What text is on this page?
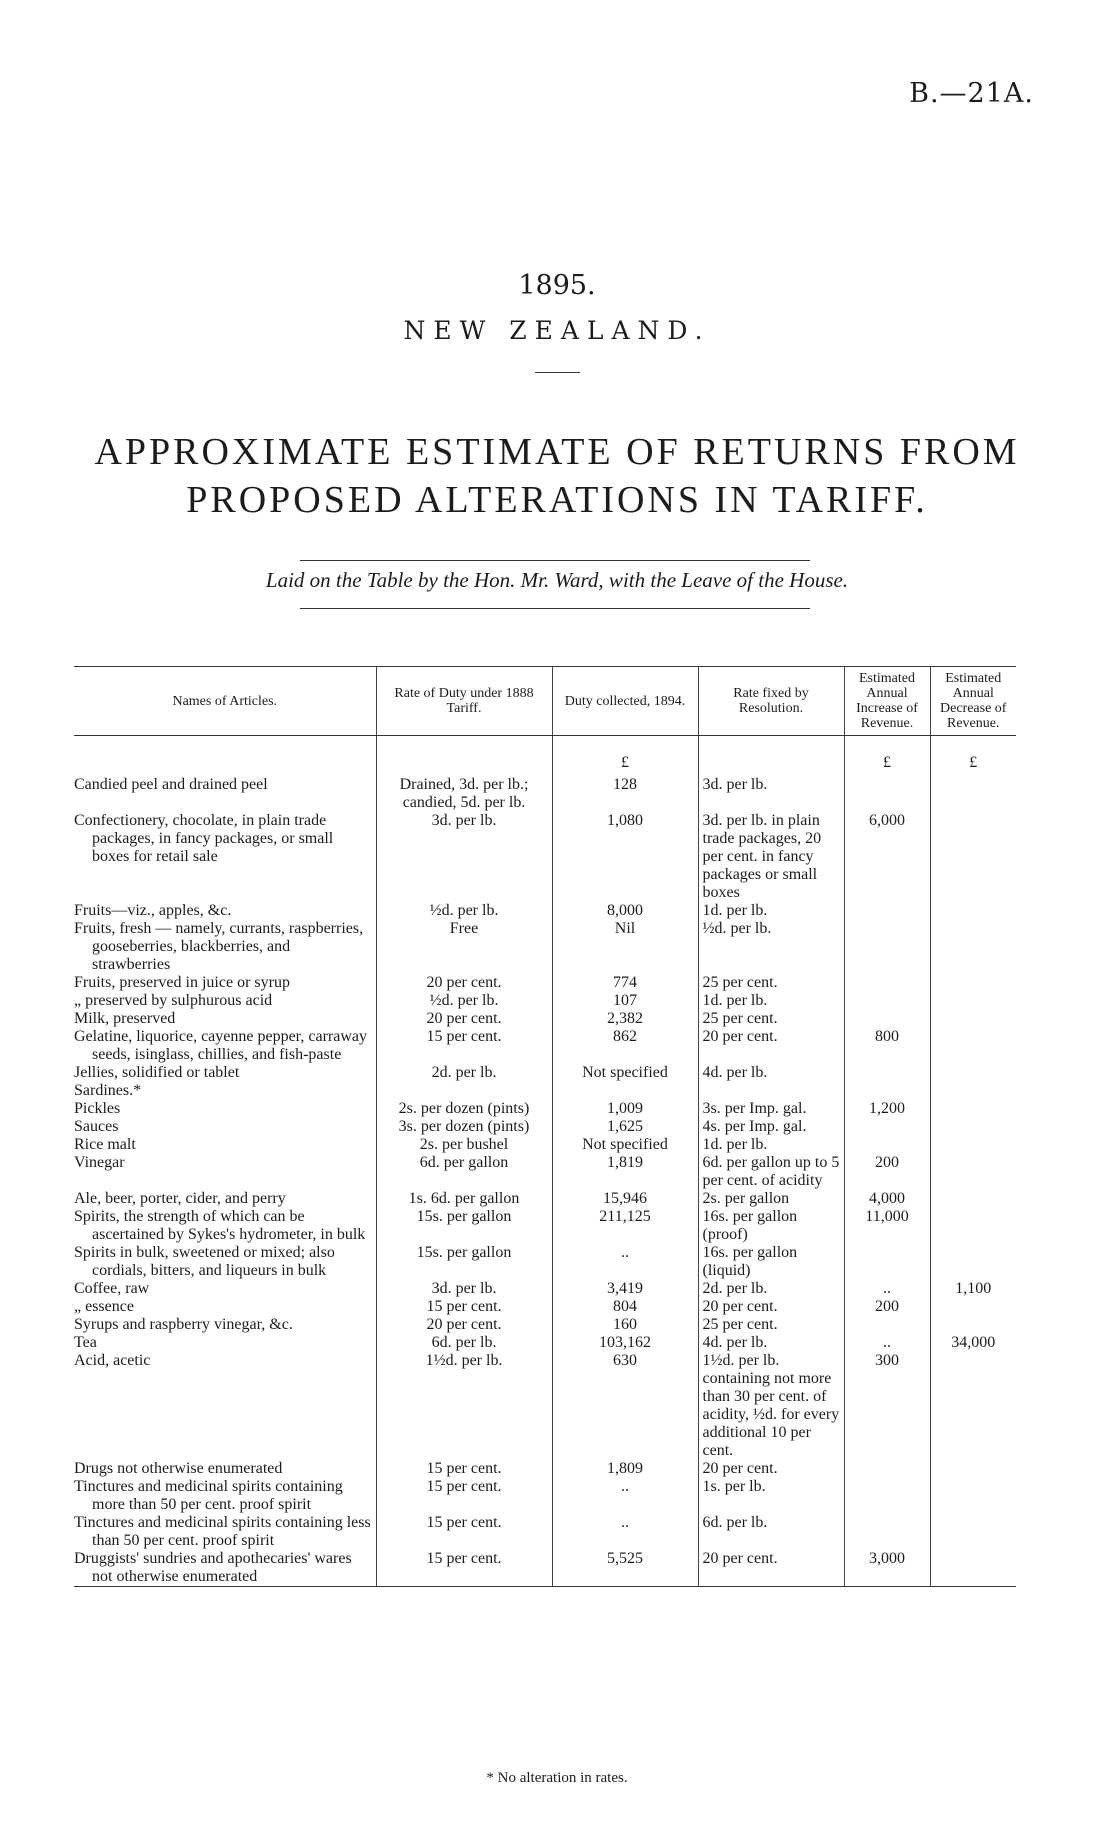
B.—21A.
1895.
NEW ZEALAND.
APPROXIMATE ESTIMATE OF RETURNS FROM PROPOSED ALTERATIONS IN TARIFF.
Laid on the Table by the Hon. Mr. Ward, with the Leave of the House.
Names of Articles.	Rate of Duty under 1888 Tariff.	Duty collected, 1894.	Rate fixed by Resolution.	Estimated Annual Increase of Revenue.	Estimated Annual Decrease of Revenue.
		£		£	£
Candied peel and drained peel	Drained, 3d. per lb.; candied, 5d. per lb.	128	3d. per lb.		
Confectionery, chocolate, in plain trade packages, in fancy packages, or small boxes for retail sale	3d. per lb.	1,080	3d. per lb. in plain trade packages, 20 per cent. in fancy packages or small boxes	6,000	
Fruits—viz., apples, &c.	½d. per lb.	8,000	1d. per lb.		
Fruits, fresh — namely, currants, raspberries, gooseberries, blackberries, and strawberries	Free	Nil	½d. per lb.		
Fruits, preserved in juice or syrup	20 per cent.	774	25 per cent.		
„ preserved by sulphurous acid	½d. per lb.	107	1d. per lb.		
Milk, preserved	20 per cent.	2,382	25 per cent.		
Gelatine, liquorice, cayenne pepper, carraway seeds, isinglass, chillies, and fish-paste	15 per cent.	862	20 per cent.	800	
Jellies, solidified or tablet	2d. per lb.	Not specified	4d. per lb.		
Sardines.*					
Pickles	2s. per dozen (pints)	1,009	3s. per Imp. gal.	1,200	
Sauces	3s. per dozen (pints)	1,625	4s. per Imp. gal.		
Rice malt	2s. per bushel	Not specified	1d. per lb.		
Vinegar	6d. per gallon	1,819	6d. per gallon up to 5 per cent. of acidity	200	
Ale, beer, porter, cider, and perry	1s. 6d. per gallon	15,946	2s. per gallon	4,000	
Spirits, the strength of which can be ascertained by Sykes's hydrometer, in bulk	15s. per gallon	211,125	16s. per gallon (proof)	11,000	
Spirits in bulk, sweetened or mixed; also cordials, bitters, and liqueurs in bulk	15s. per gallon	..	16s. per gallon (liquid)		
Coffee, raw	3d. per lb.	3,419	2d. per lb.	..	1,100
„ essence	15 per cent.	804	20 per cent.	200	
Syrups and raspberry vinegar, &c.	20 per cent.	160	25 per cent.		
Tea	6d. per lb.	103,162	4d. per lb.	..	34,000
Acid, acetic	1½d. per lb.	630	1½d. per lb. containing not more than 30 per cent. of acidity, ½d. for every additional 10 per cent.	300	
Drugs not otherwise enumerated	15 per cent.	1,809	20 per cent.		
Tinctures and medicinal spirits containing more than 50 per cent. proof spirit	15 per cent.	..	1s. per lb.		
Tinctures and medicinal spirits containing less than 50 per cent. proof spirit	15 per cent.	..	6d. per lb.		
Druggists' sundries and apothecaries' wares not otherwise enumerated	15 per cent.	5,525	20 per cent.	3,000	
* No alteration in rates.
